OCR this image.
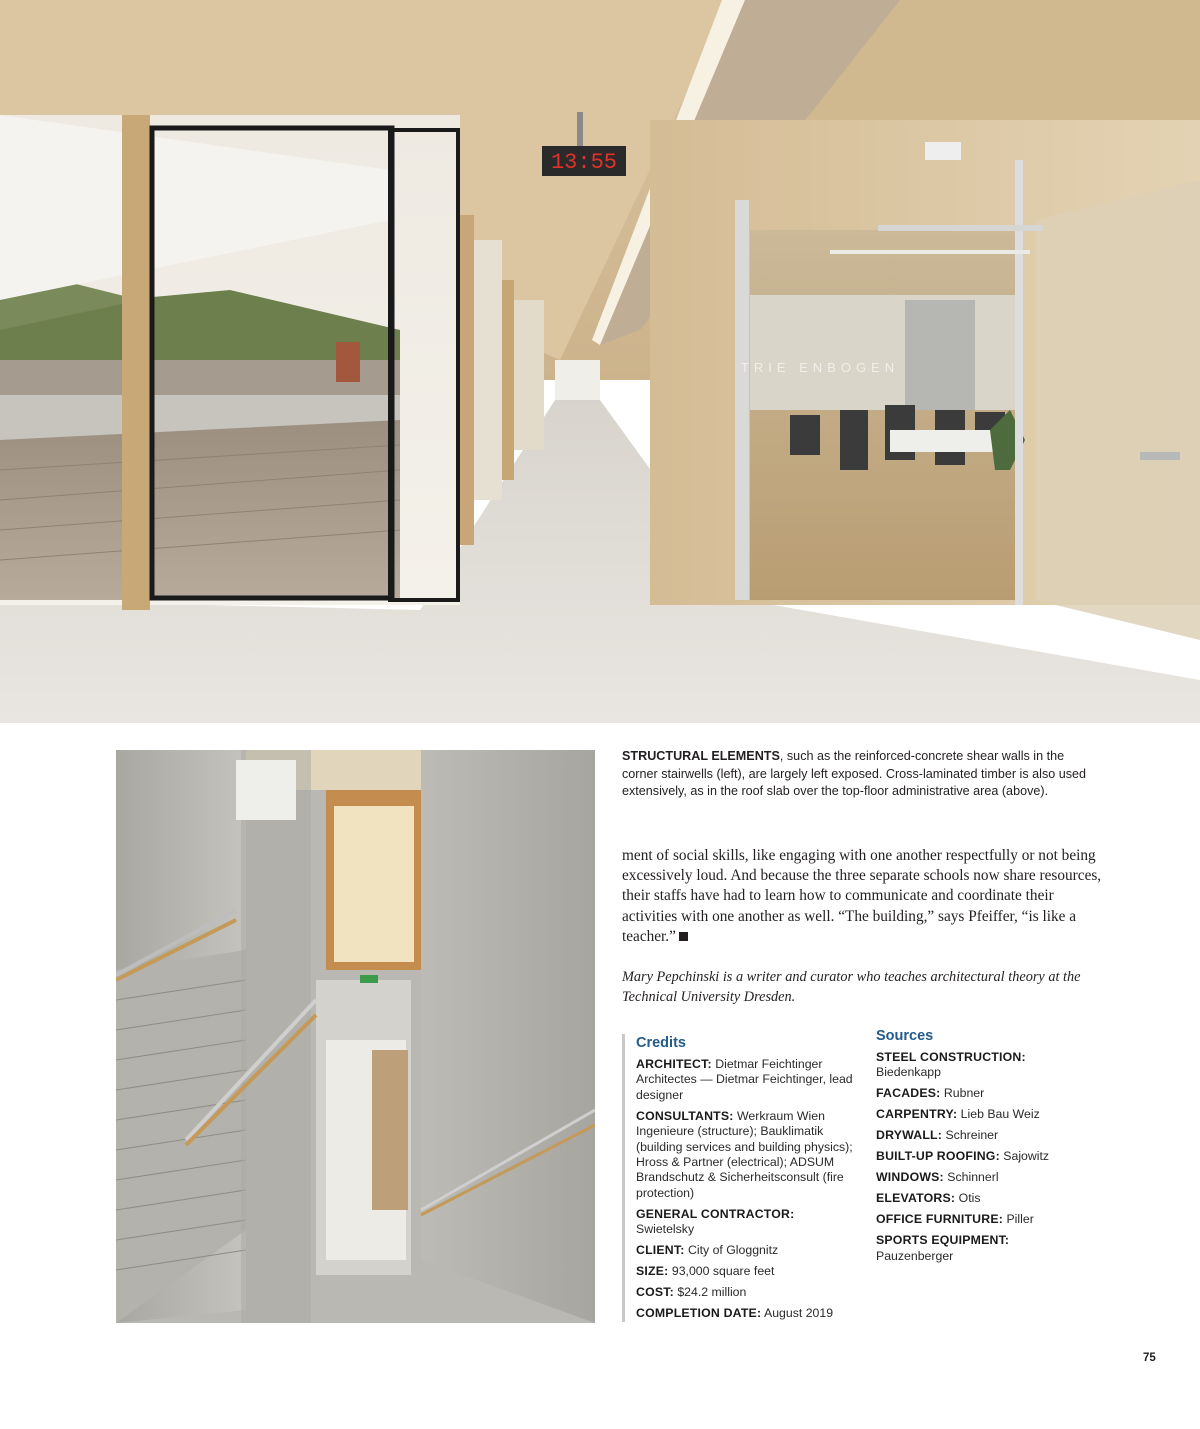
13:55
TRIE ENBOGEN
STRUCTURAL ELEMENTS, such as the reinforced-concrete shear walls in the corner stairwells (left), are largely left exposed. Cross-laminated timber is also used extensively, as in the roof slab over the top-floor administrative area (above).

ment of social skills, like engaging with one another respectfully or not being excessively loud. And because the three separate schools now share resources, their staffs have had to learn how to communicate and coordinate their activities with one another as well. “The building,” says Pfeiffer, “is like a teacher.”

Mary Pepchinski is a writer and curator who teaches architectural theory at the Technical University Dresden.

Credits
ARCHITECT: Dietmar Feichtinger Architectes — Dietmar Feichtinger, lead designer
CONSULTANTS: Werkraum Wien Ingenieure (structure); Bauklimatik (building services and building physics); Hross & Partner (electrical); ADSUM Brandschutz & Sicherheitsconsult (fire protection)
GENERAL CONTRACTOR:
Swietelsky
CLIENT: City of Gloggnitz
SIZE: 93,000 square feet
COST: $24.2 million
COMPLETION DATE: August 2019
Sources
STEEL CONSTRUCTION:
Biedenkapp
FACADES: Rubner
CARPENTRY: Lieb Bau Weiz
DRYWALL: Schreiner
BUILT-UP ROOFING: Sajowitz
WINDOWS: Schinnerl
ELEVATORS: Otis
OFFICE FURNITURE: Piller
SPORTS EQUIPMENT:
Pauzenberger
75
